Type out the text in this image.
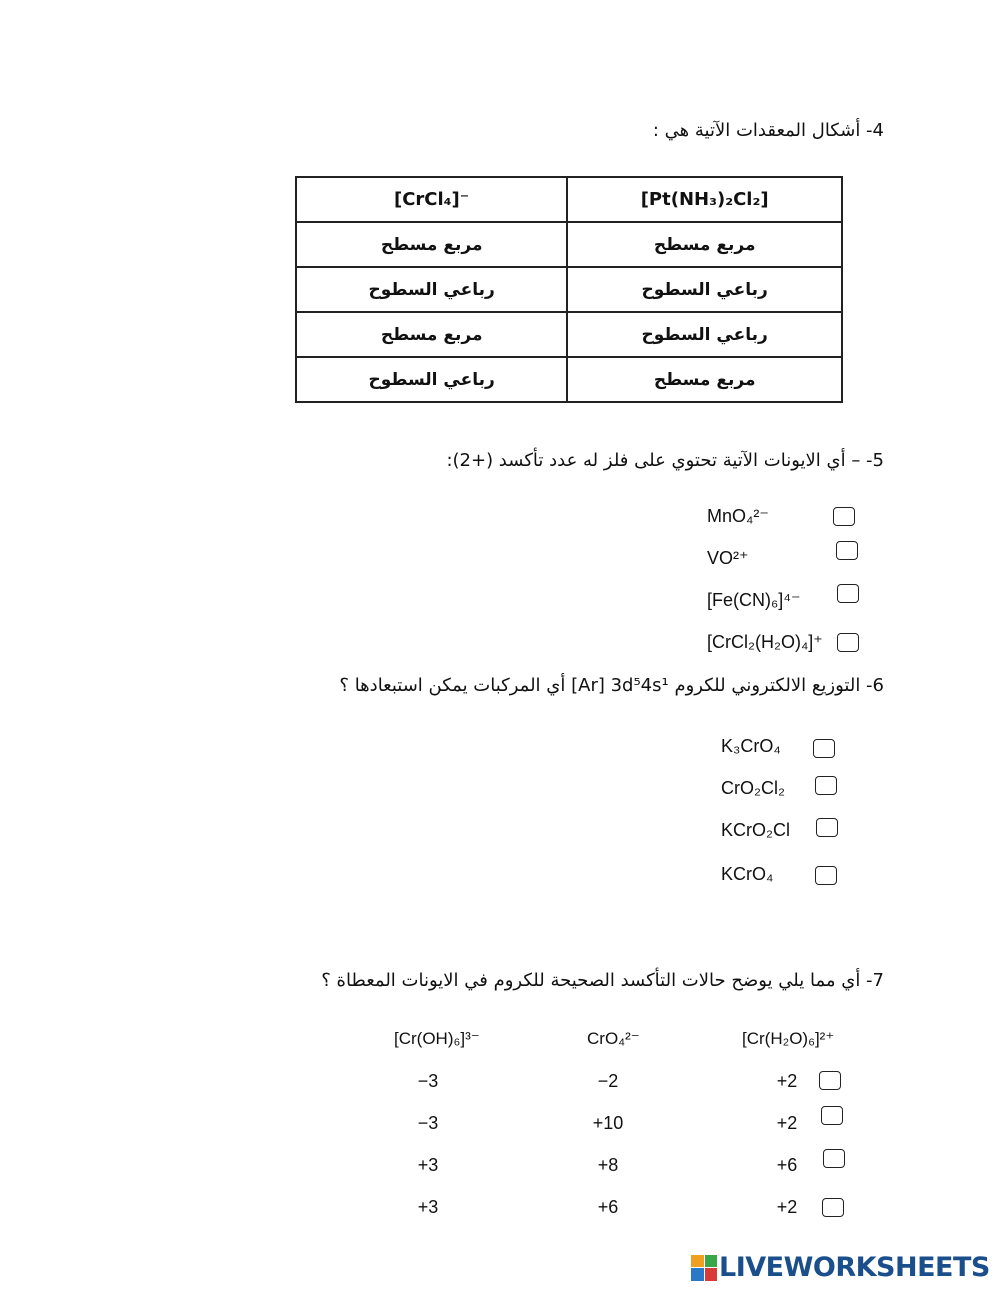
4- أشكال المعقدات الآتية هي :
[CrCl₄]⁻	[Pt(NH₃)₂Cl₂]
مربع مسطح	مربع مسطح
رباعي السطوح	رباعي السطوح
مربع مسطح	رباعي السطوح
رباعي السطوح	مربع مسطح
5- – أي الايونات الآتية تحتوي على فلز له عدد تأكسد (+2):
MnO₄²⁻
VO²⁺
[Fe(CN)₆]⁴⁻
[CrCl₂(H₂O)₄]⁺
6- التوزيع الالكتروني للكروم [Ar] 3d⁵4s¹ أي المركبات يمكن استبعادها ؟
K₃CrO₄
CrO₂Cl₂
KCrO₂Cl
KCrO₄
7- أي مما يلي يوضح حالات التأكسد الصحيحة للكروم في الايونات المعطاة ؟
[Cr(OH)₆]³⁻	CrO₄²⁻	[Cr(H₂O)₆]²⁺
−3	−2	+2
−3	+10	+2
+3	+8	+6
+3	+6	+2
LIVEWORKSHEETS
